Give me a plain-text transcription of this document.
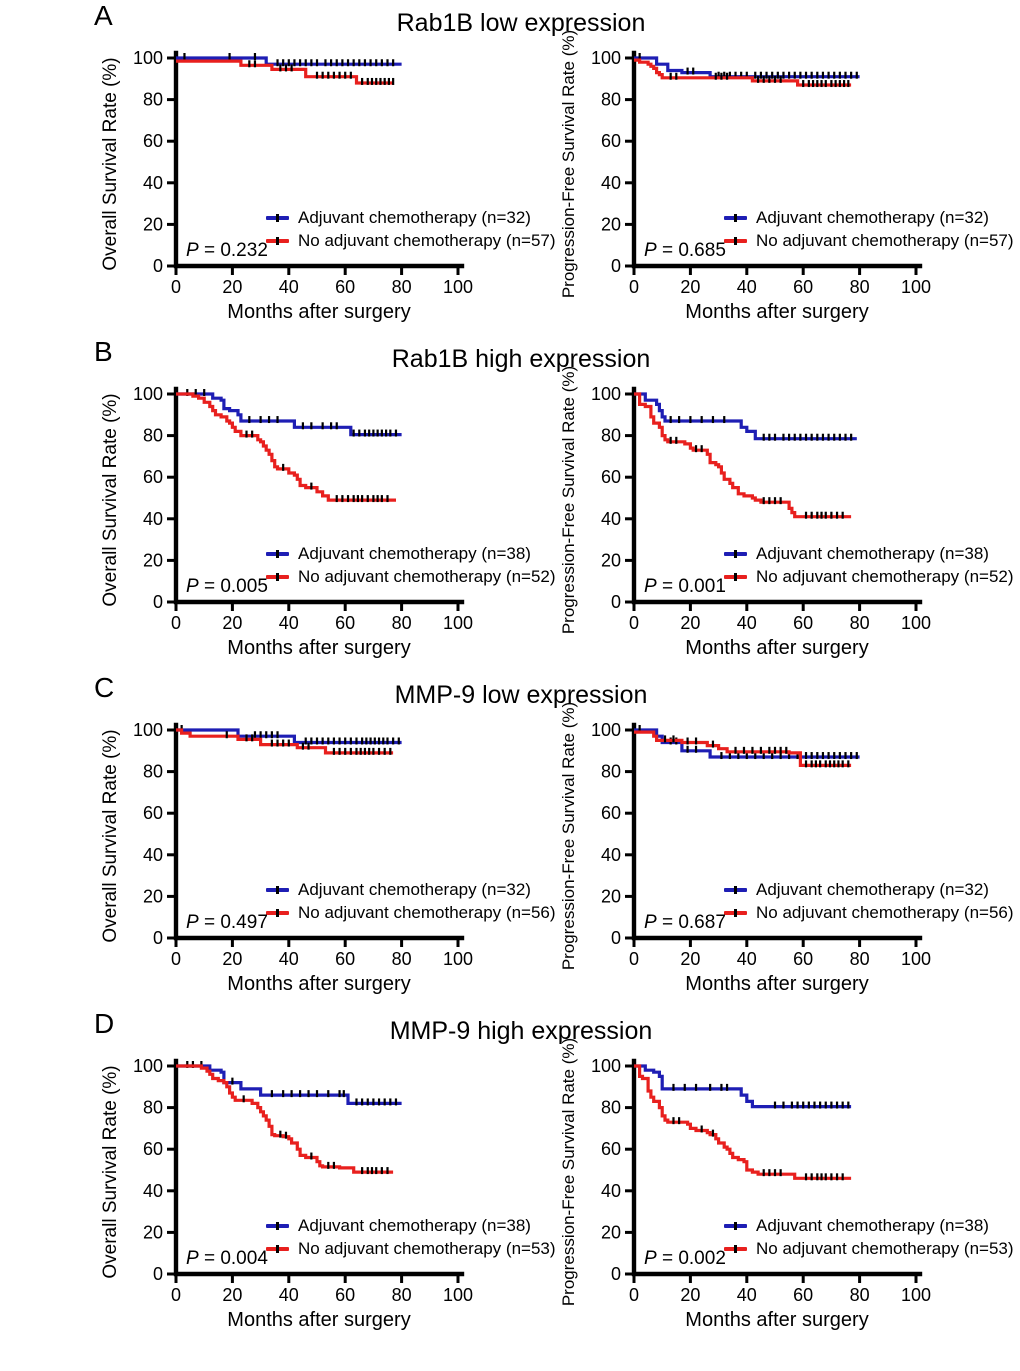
A	Rab1B low expression
Overall Survival Rate (%) 0
20
40
60
80
100
0 20 40 60 80 100
Adjuvant chemotherapy (n=32)
No adjuvant chemotherapy (n=57)
P = 0.232
Months after surgery
Progression-Free Survival Rate (%) 0
20
40
60
80
100
0 20 40 60 80 100
Adjuvant chemotherapy (n=32)
No adjuvant chemotherapy (n=57)
P = 0.685
Months after surgery
B	Rab1B high expression
Overall Survival Rate (%) 0
20
40
60
80
100
0 20 40 60 80 100
Adjuvant chemotherapy (n=38)
No adjuvant chemotherapy (n=52)
P = 0.005
Months after surgery
Progression-Free Survival Rate (%) 0
20
40
60
80
100
0 20 40 60 80 100
Adjuvant chemotherapy (n=38)
No adjuvant chemotherapy (n=52)
P = 0.001
Months after surgery
C	MMP-9 low expression
Overall Survival Rate (%) 0
20
40
60
80
100
0 20 40 60 80 100
Adjuvant chemotherapy (n=32)
No adjuvant chemotherapy (n=56)
P = 0.497
Months after surgery
Progression-Free Survival Rate (%) 0
20
40
60
80
100
0 20 40 60 80 100
Adjuvant chemotherapy (n=32)
No adjuvant chemotherapy (n=56)
P = 0.687
Months after surgery
D	MMP-9 high expression
Overall Survival Rate (%) 0
20
40
60
80
100
0 20 40 60 80 100
Adjuvant chemotherapy (n=38)
No adjuvant chemotherapy (n=53)
P = 0.004
Months after surgery
Progression-Free Survival Rate (%) 0
20
40
60
80
100
0 20 40 60 80 100
Adjuvant chemotherapy (n=38)
No adjuvant chemotherapy (n=53)
P = 0.002
Months after surgery
